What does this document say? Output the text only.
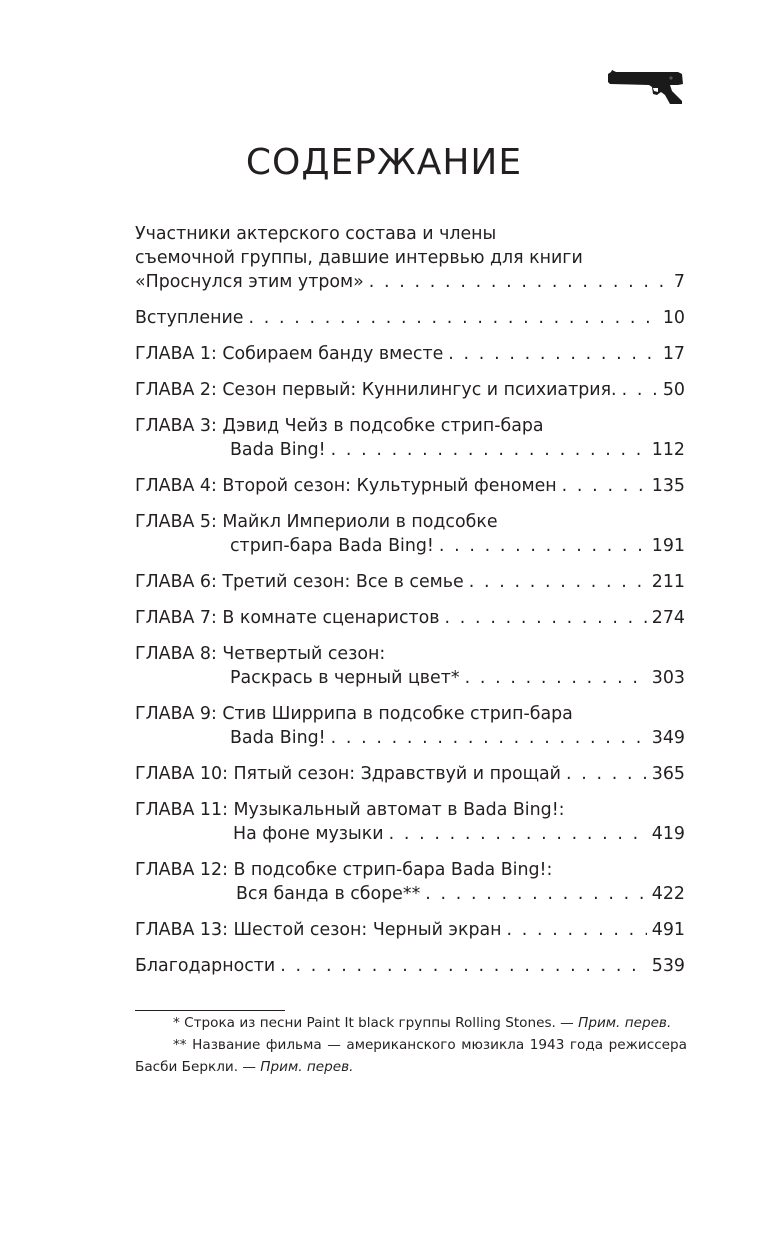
СОДЕРЖАНИЕ
Участники актерского состава и члены
съемочной группы, давшие интервью для книги
«Проснулся этим утром» . . .	7
Вступление . . .	10
ГЛАВА 1: Собираем банду вместе . . .	17
ГЛАВА 2: Сезон первый: Куннилингус и психиатрия. . . .	50
ГЛАВА 3: Дэвид Чейз в подсобке стрип-бара
Bada Bing! . . .	112
ГЛАВА 4: Второй сезон: Культурный феномен . . .	135
ГЛАВА 5: Майкл Империоли в подсобке
стрип-бара Bada Bing! . . .	191
ГЛАВА 6: Третий сезон: Все в семье . . .	211
ГЛАВА 7: В комнате сценаристов . . .	274
ГЛАВА 8: Четвертый сезон:
Раскрась в черный цвет* . . .	303
ГЛАВА 9: Стив Ширрипа в подсобке стрип-бара
Bada Bing! . . .	349
ГЛАВА 10: Пятый сезон: Здравствуй и прощай . . .	365
ГЛАВА 11: Музыкальный автомат в Bada Bing!:
На фоне музыки . . .	419
ГЛАВА 12: В подсобке стрип-бара Bada Bing!:
Вся банда в сборе** . . .	422
ГЛАВА 13: Шестой сезон: Черный экран . . .	491
Благодарности . . .	539

* Строка из песни Paint It black группы Rolling Stones. — Прим. перев.

** Название фильма — американского мюзикла 1943 года режиссера Басби Беркли. — Прим. перев.
